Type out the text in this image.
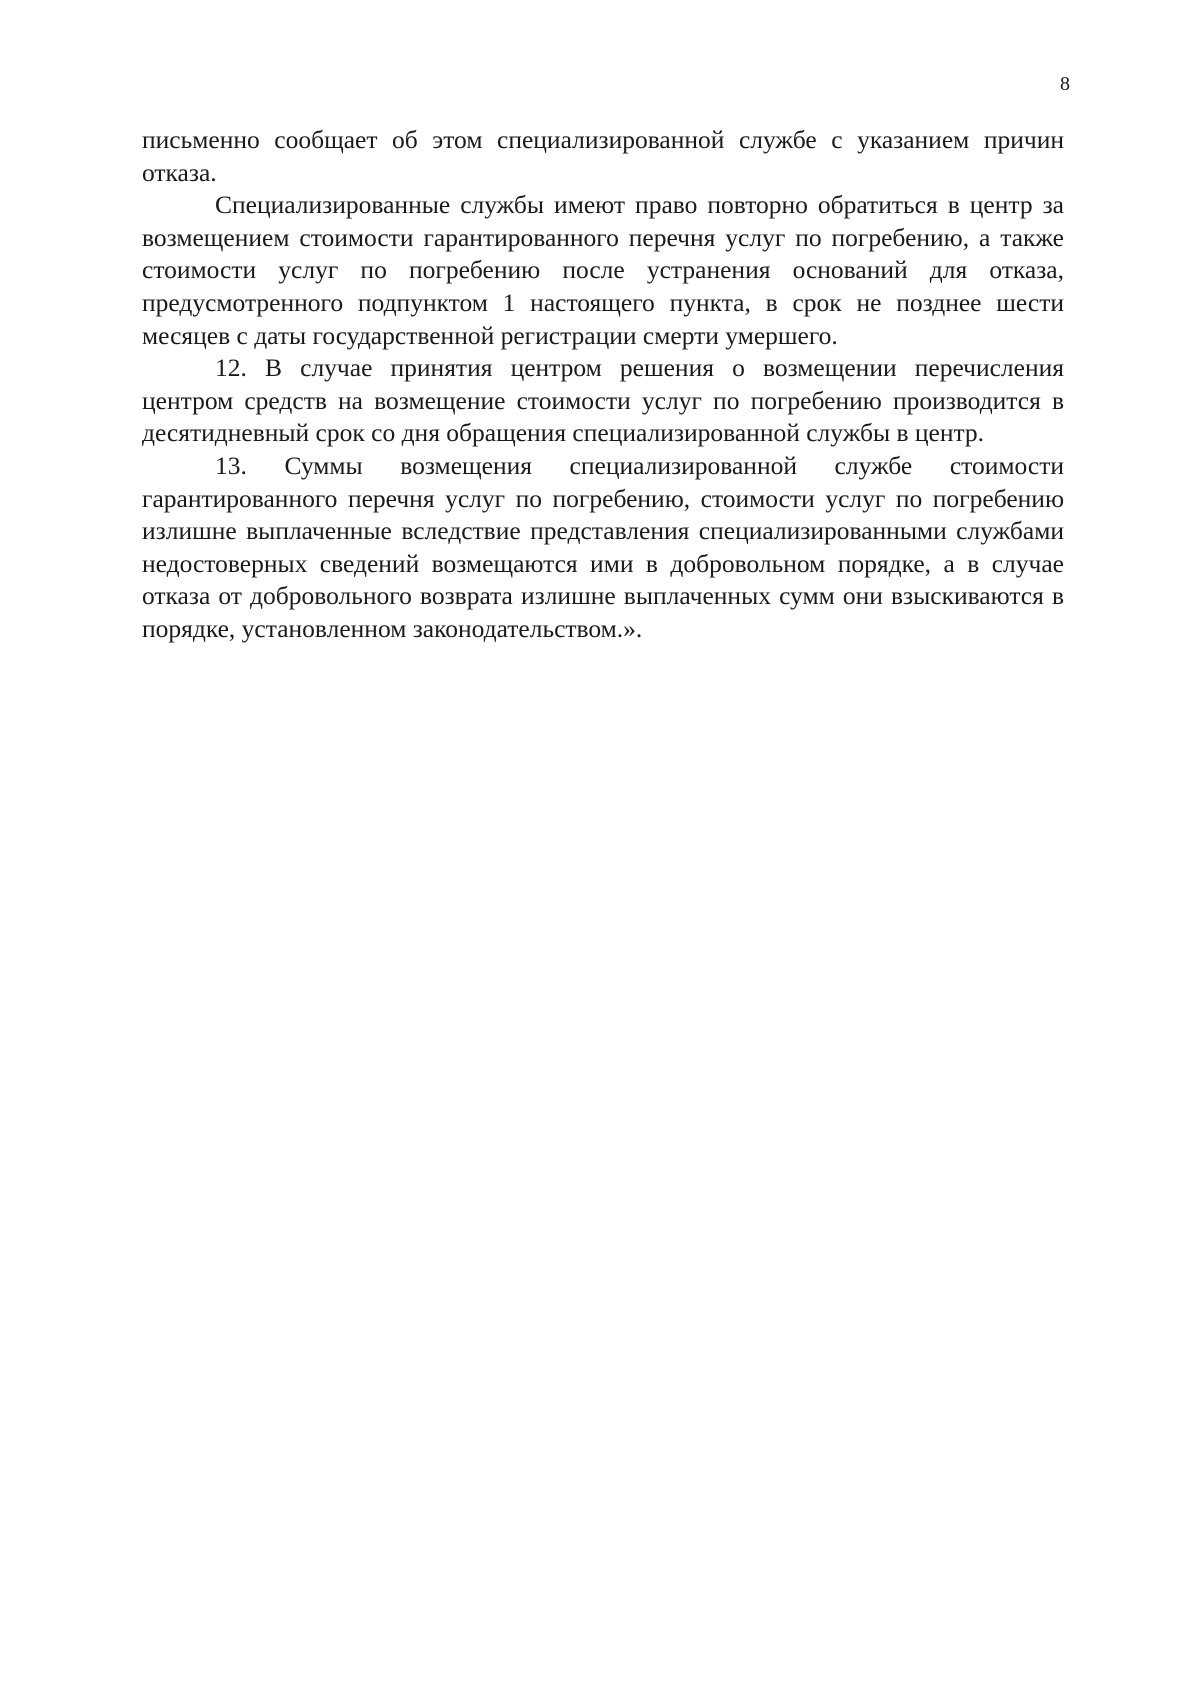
8

письменно сообщает об этом специализированной службе с указанием причин отказа.

Специализированные службы имеют право повторно обратиться в центр за возмещением стоимости гарантированного перечня услуг по погребению, а также стоимости услуг по погребению после устранения оснований для отказа, предусмотренного подпунктом 1 настоящего пункта, в срок не позднее шести месяцев с даты государственной регистрации смерти умершего.

12. В случае принятия центром решения о возмещении перечисления центром средств на возмещение стоимости услуг по погребению производится в десятидневный срок со дня обращения специализированной службы в центр.

13. Суммы возмещения специализированной службе стоимости гарантированного перечня услуг по погребению, стоимости услуг по погребению излишне выплаченные вследствие представления специализированными службами недостоверных сведений возмещаются ими в добровольном порядке, а в случае отказа от добровольного возврата излишне выплаченных сумм они взыскиваются в порядке, установленном законодательством.».
